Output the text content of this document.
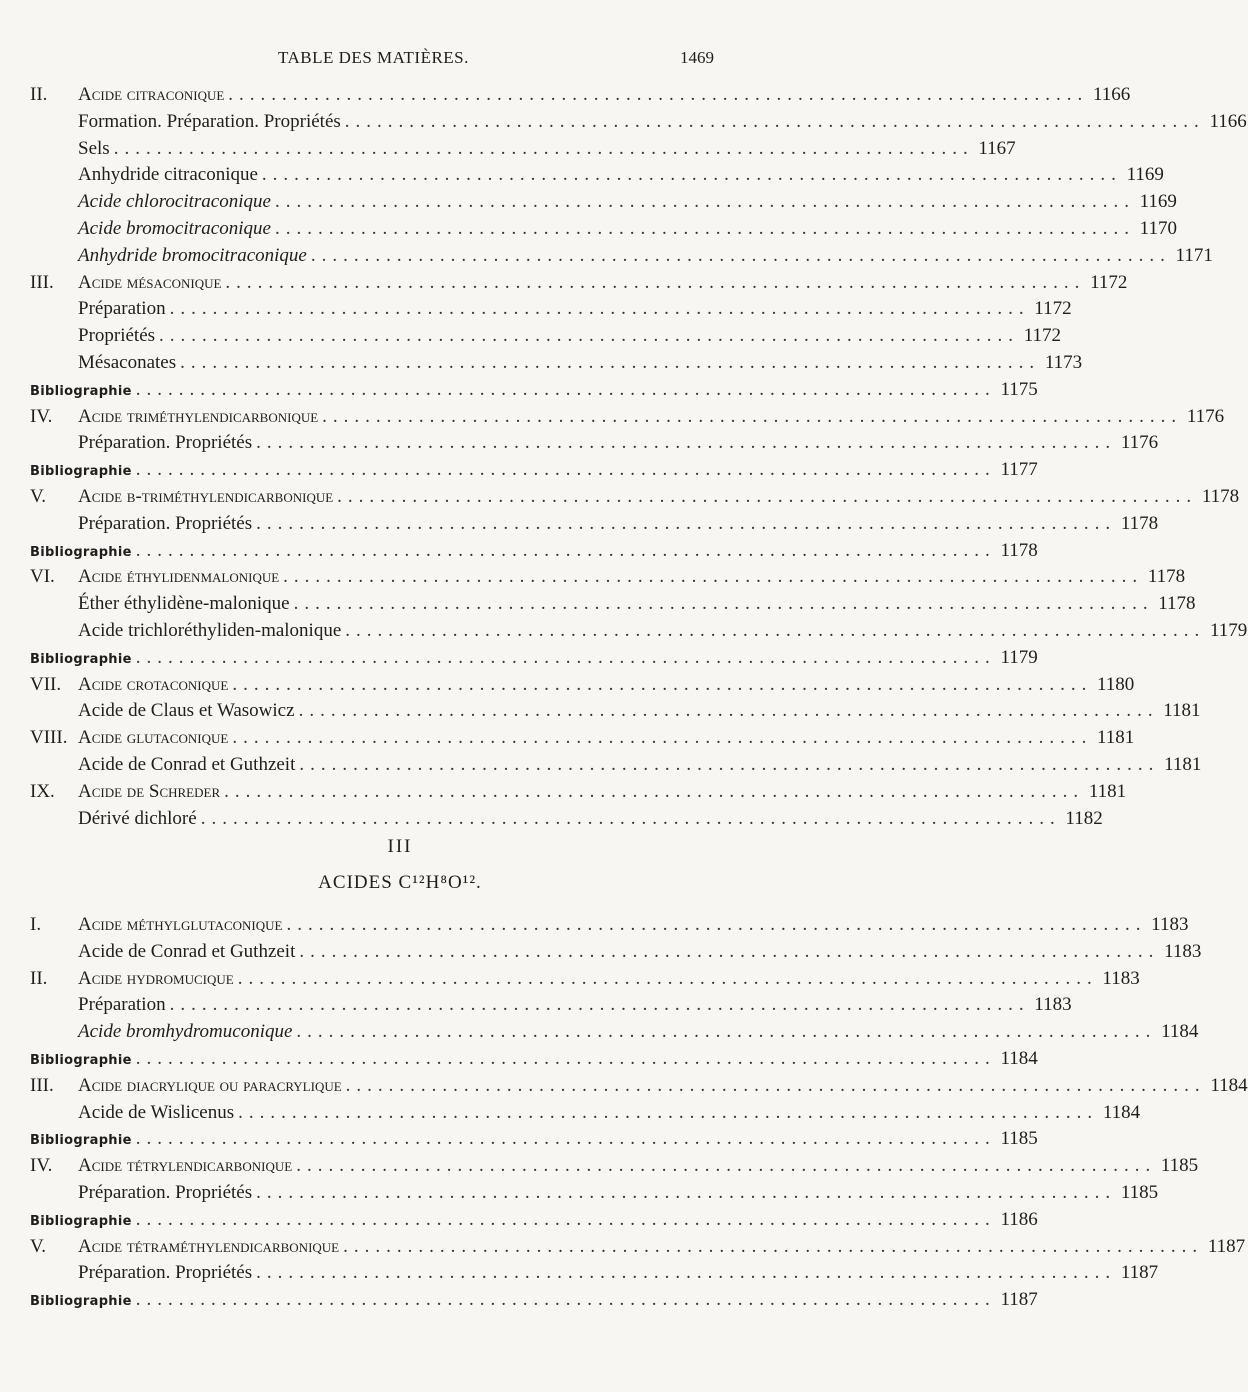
TABLE DES MATIÈRES.	1469
II.	Acide citraconique ................................................................................ 1166
Formation. Préparation. Propriétés ................................................................................ 1166
Sels ................................................................................ 1167
Anhydride citraconique ................................................................................ 1169
Acide chlorocitraconique ................................................................................ 1169
Acide bromocitraconique ................................................................................ 1170
Anhydride bromocitraconique ................................................................................ 1171
III.	Acide mésaconique ................................................................................ 1172
Préparation ................................................................................ 1172
Propriétés ................................................................................ 1172
Mésaconates ................................................................................ 1173
Bibliographie ................................................................................ 1175
IV.	Acide triméthylendicarbonique ................................................................................ 1176
Préparation. Propriétés ................................................................................ 1176
Bibliographie ................................................................................ 1177
V.	Acide β-triméthylendicarbonique ................................................................................ 1178
Préparation. Propriétés ................................................................................ 1178
Bibliographie ................................................................................ 1178
VI.	Acide éthylidenmalonique ................................................................................ 1178
Éther éthylidène-malonique ................................................................................ 1178
Acide trichloréthyliden-malonique ................................................................................ 1179
Bibliographie ................................................................................ 1179
VII. Acide crotaconique ................................................................................ 1180
Acide de Claus et Wasowicz ................................................................................ 1181
VIII. Acide glutaconique ................................................................................ 1181
Acide de Conrad et Guthzeit ................................................................................ 1181
IX.	Acide de Schreder ................................................................................ 1181
Dérivé dichloré ................................................................................ 1182
III
ACIDES C¹²H⁸O¹².
I.	Acide méthylglutaconique ................................................................................ 1183
Acide de Conrad et Guthzeit ................................................................................ 1183
II.	Acide hydromucique ................................................................................ 1183
Préparation ................................................................................ 1183
Acide bromhydromuconique ................................................................................ 1184
Bibliographie ................................................................................ 1184
III.	Acide diacrylique ou paracrylique ................................................................................ 1184
Acide de Wislicenus ................................................................................ 1184
Bibliographie ................................................................................ 1185
IV.	Acide tétrylendicarbonique ................................................................................ 1185
Préparation. Propriétés ................................................................................ 1185
Bibliographie ................................................................................ 1186
V.	Acide tétraméthylendicarbonique ................................................................................ 1187
Préparation. Propriétés ................................................................................ 1187
Bibliographie ................................................................................ 1187
